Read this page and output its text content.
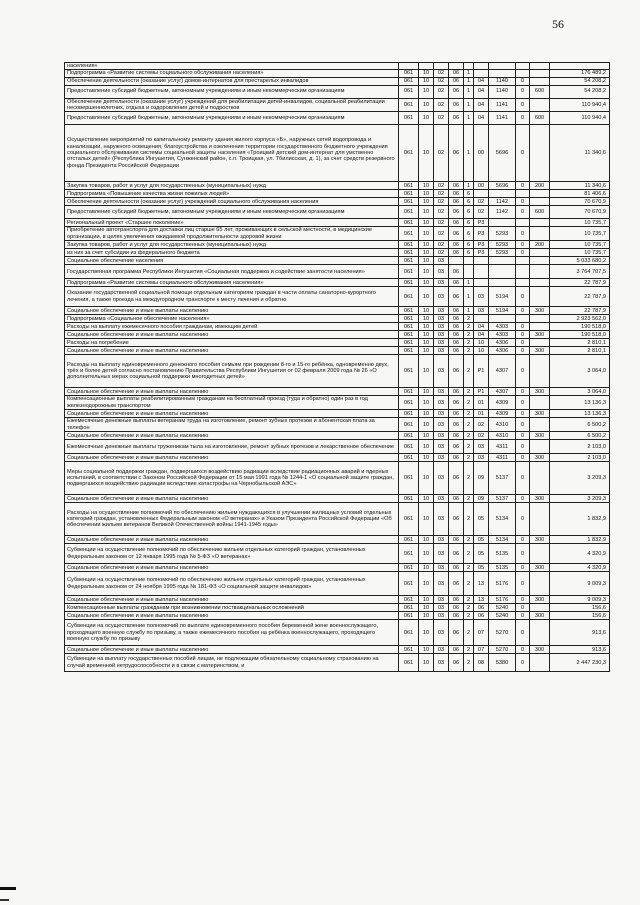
56
населения»										
Подпрограмма «Развитие системы социального обслуживания населения»	061	10	02	06	1					176 489,2
Обеспечение деятельности (оказание услуг) домов-интернатов для престарелых инвалидов	061	10	02	06	1	04	1140	0		54 208,2
Предоставление субсидий бюджетным, автономным учреждениям и иным некоммерческим организациям	061	10	02	06	1	04	1140	0	600	54 208,2
Обеспечение деятельности (оказание услуг) учреждений для реабилитации детей-инвалидов, социальной реабилитации несовершеннолетних, отдыха и оздоровления детей и подростков	061	10	02	06	1	04	1141	0		110 940,4
Предоставление субсидий бюджетным, автономным учреждениям и иным некоммерческим организациям	061	10	02	06	1	04	1141	0	600	110 940,4
Осуществление мероприятий по капитальному ремонту здания жилого корпуса «Б», наружных сетей водопровода и канализации, наружного освещения, благоустройства и озеленения территории государственного бюджетного учреждения социального обслуживания системы социальной защиты населения «Троицкий детский дом-интернат для умственно отсталых детей» (Республика Ингушетия, Сунженский район, с.п. Троицкая, ул. Тбилисская, д. 1), за счет средств резервного фонда Президента Российской Федерации	061	10	02	06	1	00	5696	0		11 340,6
Закупка товаров, работ и услуг для государственных (муниципальных) нужд	061	10	02	06	1	00	5696	0	200	11 340,6
Подпрограмма «Повышение качества жизни пожилых людей»	061	10	02	06	6					81 406,6
Обеспечение деятельности (оказание услуг) учреждений социального обслуживания населения	061	10	02	06	6	02	1142	0		70 670,9
Предоставление субсидий бюджетным, автономным учреждениям и иным некоммерческим организациям	061	10	02	06	6	02	1142	0	600	70 670,9
Региональный проект «Старшее поколение»	061	10	02	06	6	P3				10 735,7
Приобретение автотранспорта для доставки лиц старше 65 лет, проживающих в сельской местности, в медицинские организации, в целях увеличения ожидаемой продолжительности здоровой жизни	061	10	02	06	6	P3	5293	0		10 735,7
Закупка товаров, работ и услуг для государственных (муниципальных) нужд	061	10	02	06	6	P3	5293	0	200	10 735,7
из них за счет субсидии из федерального бюджета	061	10	02	06	6	P3	5293	0		10 735,7
Социальное обеспечение населения	061	10	03							5 033 680,2
Государственная программа Республики Ингушетия «Социальная поддержка и содействие занятости населения»	061	10	03	06						3 764 707,5
Подпрограмма «Развитие системы социального обслуживания населения»	061	10	03	06	1					22 787,9
Оказание государственной социальной помощи отдельным категориям граждан в части оплаты санаторно-курортного лечения, а также проезда на междугородном транспорте к месту лечения и обратно	061	10	03	06	1	03	5194	0		22 787,9
Социальное обеспечение и иные выплаты населению	061	10	03	06	1	03	5194	0	300	22 787,9
Подпрограмма «Социальное обеспечение населения»	061	10	03	06	2					2 923 562,0
Расходы на выплату ежемесячного пособия гражданам, имеющим детей	061	10	03	06	2	04	4303	0		190 518,0
Социальное обеспечение и иные выплаты населению	061	10	03	06	2	04	4303	0	300	190 518,0
Расходы на погребение	061	10	03	06	2	10	4306	0		2 810,1
Социальное обеспечение и иные выплаты населению	061	10	03	06	2	10	4306	0	300	2 810,1
Расходы на выплату единовременного денежного пособия семьям при рождении 8-го и 15-го ребёнка, одновременно двух, трёх и более детей согласно постановлению Правительства Республики Ингушетия от 02 февраля 2009 года № 26 «О дополнительных мерах социальной поддержки многодетных детей»	061	10	03	06	2	P1	4307	0		3 064,0
Социальное обеспечение и иные выплаты населению	061	10	03	06	2	P1	4307	0	300	3 064,0
Компенсационные выплаты реабилитированным гражданам на бесплатный проезд (туда и обратно) один раз в год железнодорожным транспортом	061	10	03	06	2	01	4309	0		13 136,3
Социальное обеспечение и иные выплаты населению	061	10	03	06	2	01	4309	0	300	13 136,3
Ежемесячные денежные выплаты ветеранам труда на изготовление, ремонт зубных протезов и абонентская плата за телефон	061	10	03	06	2	02	4310	0		6 500,2
Социальное обеспечение и иные выплаты населению	061	10	03	06	2	02	4310	0	300	6 500,2
Ежемесячные денежные выплаты труженикам тыла на изготовление, ремонт зубных протезов и лекарственное обеспечение	061	10	03	06	2	03	4311	0		2 103,0
Социальное обеспечение и иные выплаты населению	061	10	03	06	2	03	4311	0	300	2 103,0
Меры социальной поддержки граждан, подвергшихся воздействию радиации вследствие радиационных аварий и ядерных испытаний, в соответствии с Законом Российской Федерации от 15 мая 1991 года № 1244-1 «О социальной защите граждан, подвергшихся воздействию радиации вследствие катастрофы на Чернобыльской АЭС»	061	10	03	06	2	09	5137	0		3 209,3
Социальное обеспечение и иные выплаты населению	061	10	03	06	2	09	5137	0	300	3 209,3
Расходы на осуществление полномочий по обеспечению жильем нуждающихся в улучшении жилищных условий отдельных категорий граждан, установленных Федеральным законом «О ветеранах» и Указом Президента Российской Федерации «Об обеспечении жильем ветеранов Великой Отечественной войны 1941-1945 годы»	061	10	03	06	2	05	5134	0		1 832,9
Социальное обеспечение и иные выплаты населению	061	10	03	06	2	05	5134	0	300	1 832,9
Субвенции на осуществление полномочий по обеспечению жильем отдельных категорий граждан, установленных Федеральным законом от 12 января 1995 года № 5-ФЗ «О ветеранах»	061	10	03	06	2	05	5135	0		4 320,9
Социальное обеспечение и иные выплаты населению	061	10	03	06	2	05	5135	0	300	4 320,9
Субвенции на осуществление полномочий по обеспечению жильем отдельных категорий граждан, установленных Федеральным законом от 24 ноября 1995 года № 181-ФЗ «О социальной защите инвалидов»	061	10	03	06	2	13	5176	0		9 009,3
Социальное обеспечение и иные выплаты населению	061	10	03	06	2	13	5176	0	300	9 009,3
Компенсационные выплаты гражданам при возникновении поствакцинальных осложнений	061	10	03	06	2	06	5240	0		156,6
Социальное обеспечение и иные выплаты населению	061	10	03	06	2	06	5240	0	300	156,6
Субвенции на осуществление полномочий по выплате единовременного пособия беременной жене военнослужащего, проходящего военную службу по призыву, а также ежемесячного пособия на ребёнка военнослужащего, проходящего военную службу по призыву	061	10	03	06	2	07	5270	0		913,6
Социальное обеспечение и иные выплаты населению	061	10	03	06	2	07	5270	0	300	913,6
Субвенции на выплату государственных пособий лицам, не подлежащим обязательному социальному страхованию на случай временной нетрудоспособности и в связи с материнством, и	061	10	03	06	2	08	5380	0		2 447 230,3
